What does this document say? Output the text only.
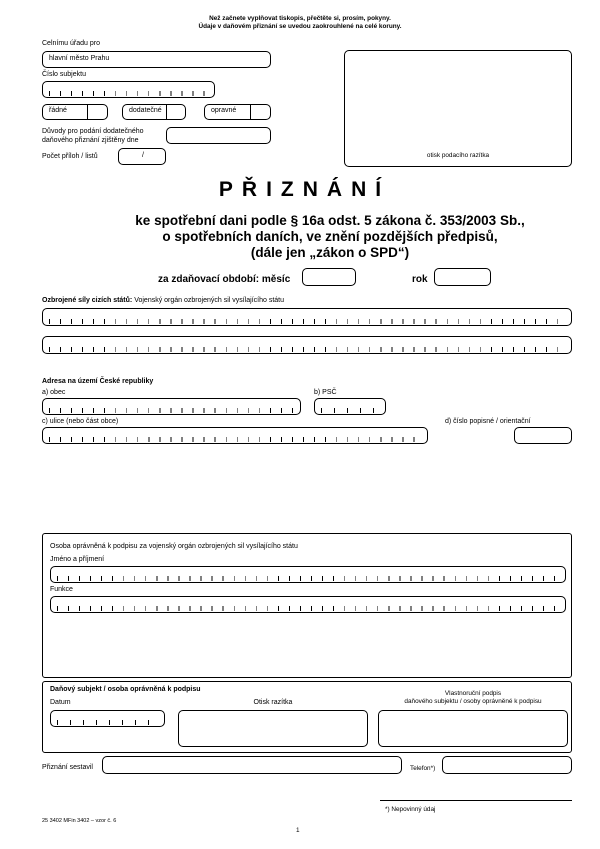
Než začnete vyplňovat tiskopis, přečtěte si, prosím, pokyny.
Údaje v daňovém přiznání se uvedou zaokrouhlené na celé koruny.
Celnímu úřadu pro
hlavní město Prahu
Číslo subjektu
řádné	dodatečné	opravné
Důvody pro podání dodatečného
daňového přiznání zjištěny dne
Počet příloh / listů	/	otisk podacího razítka
PŘIZNÁNÍ
ke spotřební dani podle § 16a odst. 5 zákona č. 353/2003 Sb.,
o spotřebních daních, ve znění pozdějších předpisů,
(dále jen „zákon o SPD“)
za zdaňovací období: měsíc	rok
Ozbrojené síly cizích států: Vojenský orgán ozbrojených sil vysílajícího státu
Adresa na území České republiky
a) obec	b) PSČ
c) ulice (nebo část obce)	d) číslo popisné / orientační
Osoba oprávněná k podpisu za vojenský orgán ozbrojených sil vysílajícího státu
Jméno a příjmení
Funkce
Daňový subjekt / osoba oprávněná k podpisu
Datum	Otisk razítka
Vlastnoruční podpis
daňového subjektu / osoby oprávněné k podpisu
Přiznání sestavil	Telefon*)
*) Nepovinný údaj
25 3402 MFin 3402 – vzor č. 6
1
